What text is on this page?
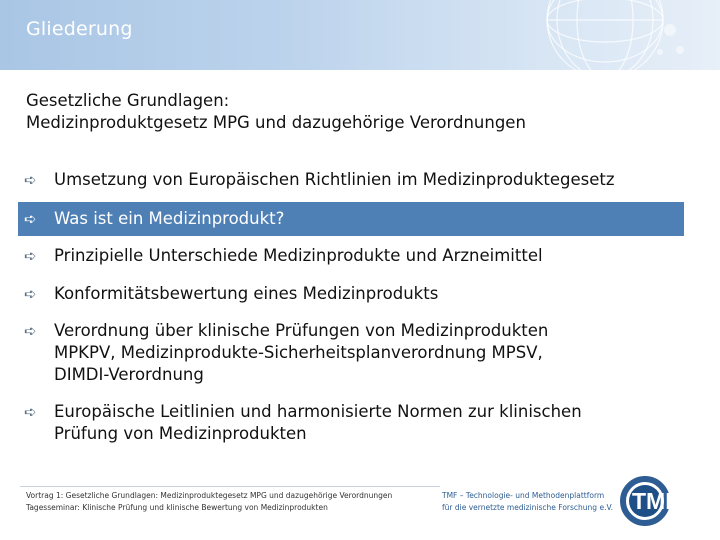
Gliederung
Gesetzliche Grundlagen:
Medizinproduktgesetz MPG und dazugehörige Verordnungen
➪	Umsetzung von Europäischen Richtlinien im Medizinproduktegesetz
➪	Was ist ein Medizinprodukt?
➪	Prinzipielle Unterschiede Medizinprodukte und Arzneimittel
➪	Konformitätsbewertung eines Medizinprodukts
➪	Verordnung über klinische Prüfungen von Medizinprodukten
MPKPV, Medizinprodukte-Sicherheitsplanverordnung MPSV,
DIMDI-Verordnung
➪	Europäische Leitlinien und harmonisierte Normen zur klinischen
Prüfung von Medizinprodukten
Vortrag 1: Gesetzliche Grundlagen: Medizinproduktegesetz MPG und dazugehörige Verordnungen
Tagesseminar: Klinische Prüfung und klinische Bewertung von Medizinprodukten
TMF – Technologie- und Methodenplattform
für die vernetzte medizinische Forschung e.V. TMF
